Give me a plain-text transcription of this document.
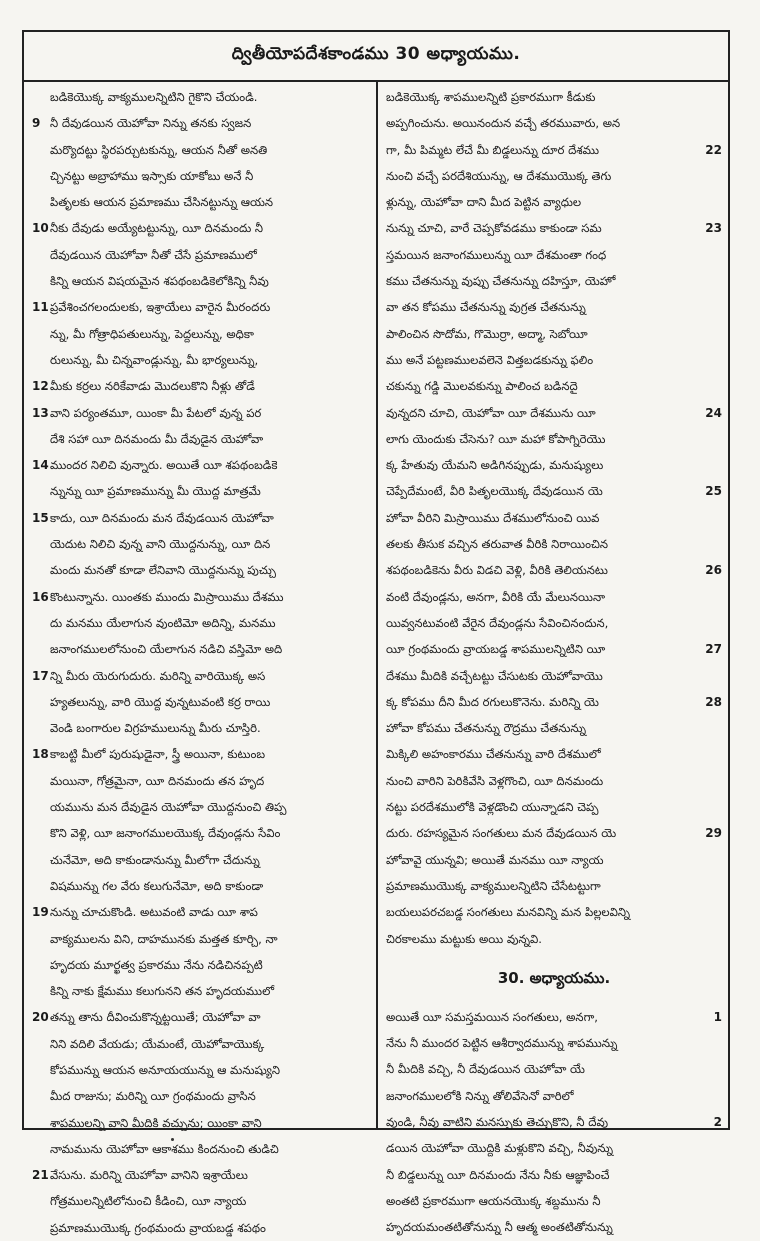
ద్వితీయోపదేశకాండము 30 అధ్యాయము.
బడికెయొక్క వాక్యములన్నిటిని గైకొని చేయండి.
9 నీ దేవుడయిన యెహోవా నిన్ను తనకు స్వజన
మర్యొదట్టు స్థిరపర్చుటకున్ను, ఆయన నీతో అనతి
చ్చినట్టు అబ్రాహాము ఇస్సాకు యాకోబు అనే నీ
పితృలకు ఆయన ప్రమాణము చేసినట్టున్ను ఆయన
10 నీకు దేవుడు అయ్యేటట్టున్ను, యీ దినమందు నీ
దేవుడయిన యెహోవా నీతో చేసే ప్రమాణములో
కిన్ని ఆయన విషయమైన శపథంబడికెలోకిన్ని నీవు
11 ప్రవేశించగలందులకు, ఇశ్రాయేలు వారైన మీరందరు
న్ను, మీ గోత్రాధిపతులున్ను, పెద్దలున్ను, అధికా
రులున్ను, మీ చిన్నవాండ్లున్ను, మీ భార్యలున్ను,
12 మీకు కర్రలు నరికేవాడు మొదలుకొని నీళ్లు తోడే
13 వాని పర్యంతమూ, యింకా మీ పేటలో వున్న పర
దేశి సహా యీ దినమందు మీ దేవుడైన యెహోవా
14 ముందర నిలిచి వున్నారు. అయితే యీ శపథంబడికె
న్నున్ను యీ ప్రమాణమున్ను మీ యొద్ద మాత్రమే
15 కాదు, యీ దినమందు మన దేవుడయిన యెహోవా
యెదుట నిలిచి వున్న వాని యొద్దనున్ను, యీ దిన
మందు మనతో కూడా లేనివాని యొద్దనున్ను పుచ్చు
16 కొంటున్నాను. యింతకు ముందు మిస్రాయిము దేశము
దు మనము యేలాగున వుంటిమో అదిన్ని, మనము
జనాంగములలోనుంచి యేలాగున నడిచి వస్తిమో అది
17 న్ని మీరు యెరుగుదురు. మరిన్ని వారియొక్క అస
హ్యతలున్ను, వారి యొద్ద వున్నటువంటి కర్ర రాయి
వెండి బంగారుల విగ్రహములున్ను మీరు చూస్తిరి.
18 కాబట్టి మీలో పురుషుడైనా, స్త్రీ అయినా, కుటుంబ
మయినా, గోత్రమైనా, యీ దినమందు తన హృద
యమును మన దేవుడైన యెహోవా యొద్దనుంచి తిప్ప
కొని వెళ్లి, యీ జనాంగములయొక్క దేవుండ్లను సేవిం
చునేమో, అది కాకుండానున్ను మీలోగా చేదున్ను
విషమున్ను గల వేరు కలుగునేమో, అది కాకుండా
19 నున్ను చూచుకొండి. అటువంటి వాడు యీ శాప
వాక్యములను విని, దాహమునకు మత్తత కూర్చి, నా
హృదయ మూర్ఖత్వ ప్రకారము నేను నడిచినప్పటి
కిన్ని నాకు క్షేమము కలుగునని తన హృదయములో
20 తన్ను తాను దీవించుకొన్నట్టయితే; యెహోవా వా
నిని వదిలి వేయడు; యేమంటే, యెహోవాయొక్క
కోపమున్ను ఆయన అనూయయున్ను ఆ మనుష్యుని
మీద రాజును; మరిన్ని యీ గ్రంథమందు వ్రాసిన
శాపములన్ని వాని మీదికి వచ్చును; యింకా వాని
నామమును యెహోవా ఆకాశము కిందనుంచి తుడిచి
21 వేసును. మరిన్ని యెహోవా వానిని ఇశ్రాయేలు
గోత్రములన్నిటిలోనుంచి కీడించి, యీ న్యాయ
ప్రమాణముయొక్క గ్రంథమందు వ్రాయబడ్డ శపథం
బడికెయొక్క శాపములన్నిటి ప్రకారముగా కీడుకు
అప్పగించును. అయినందున వచ్చే తరమువారు, అన
22
గా, మీ పిమ్మట లేచే మీ బిడ్డలున్ను దూర దేశము
నుంచి వచ్చే పరదేశియున్ను, ఆ దేశముయొక్క తెగు
ళ్లున్ను, యెహోవా దాని మీద పెట్టిన వ్యాధుల
23
నున్ను చూచి, వారే చెప్పకోవడము కాకుండా సమ
స్తమయిన జనాంగములున్ను యీ దేశమంతా గంధ
కము చేతనున్ను వుప్పు చేతనున్ను దహిస్తూ, యెహో
వా తన కోపము చేతనున్ను వుగ్రత చేతనున్ను
పాలించిన సొదోమ, గొమొర్రా, అద్మా, సెబోయీ
ము అనే పట్టణములవలెనె విత్తబడకున్ను ఫలిం
చకున్ను గడ్డి మొలవకున్ను పాలించ బడినదై
24
వున్నదని చూచి, యెహోవా యీ దేశమును యీ
లాగు యెందుకు చేసెను? యీ మహా కోపాగ్నిరెయొ
క్క హేతువు యేమని అడిగినప్పుడు, మనుష్యులు
25
చెప్పేదేమంటే, వీరి పితృలయొక్క దేవుడయిన యె
హోవా వీరిని మిస్రాయిము దేశములోనుంచి యివ
తలకు తీసుక వచ్చిన తరువాత వీరికి నిరాయించిన
26
శపథంబడికెను వీరు విడచి వెళ్లి, వీరికి తెలియనటు
వంటి దేవుండ్లను, అనగా, వీరికి యే మేలునయినా
యివ్వనటువంటి వేరైన దేవుండ్లను సేవించినందున,
27
యీ గ్రంథమందు వ్రాయబడ్డ శాపములన్నిటిని యీ
దేశము మీదికి వచ్చేటట్టు చేసుటకు యెహోవాయొ
28
క్క కోపము దీని మీద రగులుకొనెను. మరిన్ని యె
హోవా కోపము చేతనున్ను రౌద్రము చేతనున్ను
మిక్కిలి అహంకారము చేతనున్ను వారి దేశములో
నుంచి వారిని పెరికివేసి వెళ్లగొంచి, యీ దినమందు
నట్టు పరదేశములోకి వెళ్లడొంచి యున్నాడని చెప్ప
29
దురు. రహస్యమైన సంగతులు మన దేవుడయిన యె
హోవావై యున్నవి; అయితే మనము యీ న్యాయ
ప్రమాణముయొక్క వాక్యములన్నిటిని చేసేటట్టుగా
బయలుపరచబడ్డ సంగతులు మనవిన్ని మన పిల్లలవిన్ని
చిరకాలము మట్టుకు అయి వున్నవి.
30. అధ్యాయము.
1
అయితే యీ సమస్తమయిన సంగతులు, అనగా,
నేను నీ ముందర పెట్టిన ఆశీర్వాదమున్ను శాపమున్ను
నీ మీదికి వచ్చి, నీ దేవుడయిన యెహోవా యే
జనాంగములలోకి నిన్ను తోలివేసెనో వారిలో
2
వుండి, నీవు వాటిని మనస్సుకు తెచ్చుకొని, నీ దేవు
డయిన యెహోవా యొద్దికి మళ్లుకొని వచ్చి, నీవున్ను
నీ బిడ్డలున్ను యీ దినమందు నేను నీకు ఆజ్ఞాపించే
అంతటి ప్రకారముగా ఆయనయొక్క శబ్దమును నీ
హృదయమంతటితోనున్ను నీ ఆత్మ అంతటితోనున్ను
